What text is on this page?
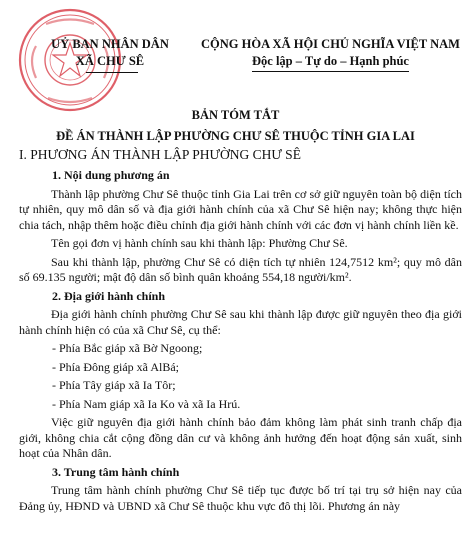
UỶ BAN NHÂN DÂN
XÃ CHƯ SÊ
CỘNG HÒA XÃ HỘI CHỦ NGHĨA VIỆT NAM
Độc lập – Tự do – Hạnh phúc
BẢN TÓM TẮT
ĐỀ ÁN THÀNH LẬP PHƯỜNG CHƯ SÊ THUỘC TỈNH GIA LAI
I. PHƯƠNG ÁN THÀNH LẬP PHƯỜNG CHƯ SÊ

1. Nội dung phương án

Thành lập phường Chư Sê thuộc tỉnh Gia Lai trên cơ sở giữ nguyên toàn bộ diện tích tự nhiên, quy mô dân số và địa giới hành chính của xã Chư Sê hiện nay; không thực hiện chia tách, nhập thêm hoặc điều chỉnh địa giới hành chính với các đơn vị hành chính liền kề.

Tên gọi đơn vị hành chính sau khi thành lập: Phường Chư Sê.

Sau khi thành lập, phường Chư Sê có diện tích tự nhiên 124,7512 km²; quy mô dân số 69.135 người; mật độ dân số bình quân khoảng 554,18 người/km².

2. Địa giới hành chính

Địa giới hành chính phường Chư Sê sau khi thành lập được giữ nguyên theo địa giới hành chính hiện có của xã Chư Sê, cụ thể:

- Phía Bắc giáp xã Bờ Ngoong;

- Phía Đông giáp xã AlBá;

- Phía Tây giáp xã Ia Tôr;

- Phía Nam giáp xã Ia Ko và xã Ia Hrú.

Việc giữ nguyên địa giới hành chính bảo đảm không làm phát sinh tranh chấp địa giới, không chia cắt cộng đồng dân cư và không ảnh hưởng đến hoạt động sản xuất, sinh hoạt của Nhân dân.

3. Trung tâm hành chính

Trung tâm hành chính phường Chư Sê tiếp tục được bố trí tại trụ sở hiện nay của Đảng ủy, HĐND và UBND xã Chư Sê thuộc khu vực đô thị lõi. Phương án này
